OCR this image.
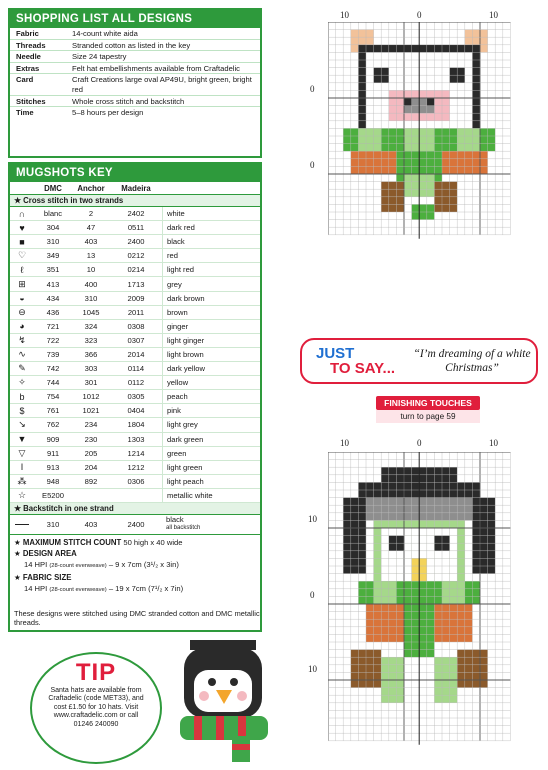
SHOPPING LIST ALL DESIGNS
Fabric	14-count white aida
Threads	Stranded cotton as listed in the key
Needle	Size 24 tapestry
Extras	Felt hat embellishments available from Craftadelic
Card	Craft Creations large oval AP49U, bright green, bright red
Stitches	Whole cross stitch and backstitch
Time	5–8 hours per design
MUGSHOTS KEY
DMC	Anchor	Madeira
★ Cross stitch in two strands
∩	blanc	2	2402	white
♥	304	47	0511	dark red
■	310	403	2400	black
♡	349	13	0212	red
ℓ	351	10	0214	light red
⊞	413	400	1713	grey
◒	434	310	2009	dark brown
⊖	436	1045	2011	brown
◕	721	324	0308	ginger
↯	722	323	0307	light ginger
∿	739	366	2014	light brown
✎	742	303	0114	dark yellow
✧	744	301	0112	yellow
b	754	1012	0305	peach
$	761	1021	0404	pink
↘	762	234	1804	light grey
▼	909	230	1303	dark green
▽	911	205	1214	green
I	913	204	1212	light green
⁂	948	892	0306	light peach
☆	E5200	metallic white
★ Backstitch in one strand
310	403	2400	black
all backstitch
★ MAXIMUM STITCH COUNT 50 high x 40 wide
★ DESIGN AREA
14 HPI (28-count evenweave) – 9 x 7cm (3¹/₂ x 3in)
★ FABRIC SIZE
14 HPI (28-count evenweave) – 19 x 7cm (7¹/₂ x 7in)
These designs were stitched using DMC stranded cotton and DMC metallic threads.
TIP
Santa hats are available from Craftadelic (code MET33), and cost £1.50 for 10 hats. Visit www.craftadelic.com or call 01246 240090
10	0	10
0
0
JUST
TO SAY...
“I’m dreaming of a white Christmas”
FINISHING TOUCHES
turn to page 59
10	0	10
10
0
10
